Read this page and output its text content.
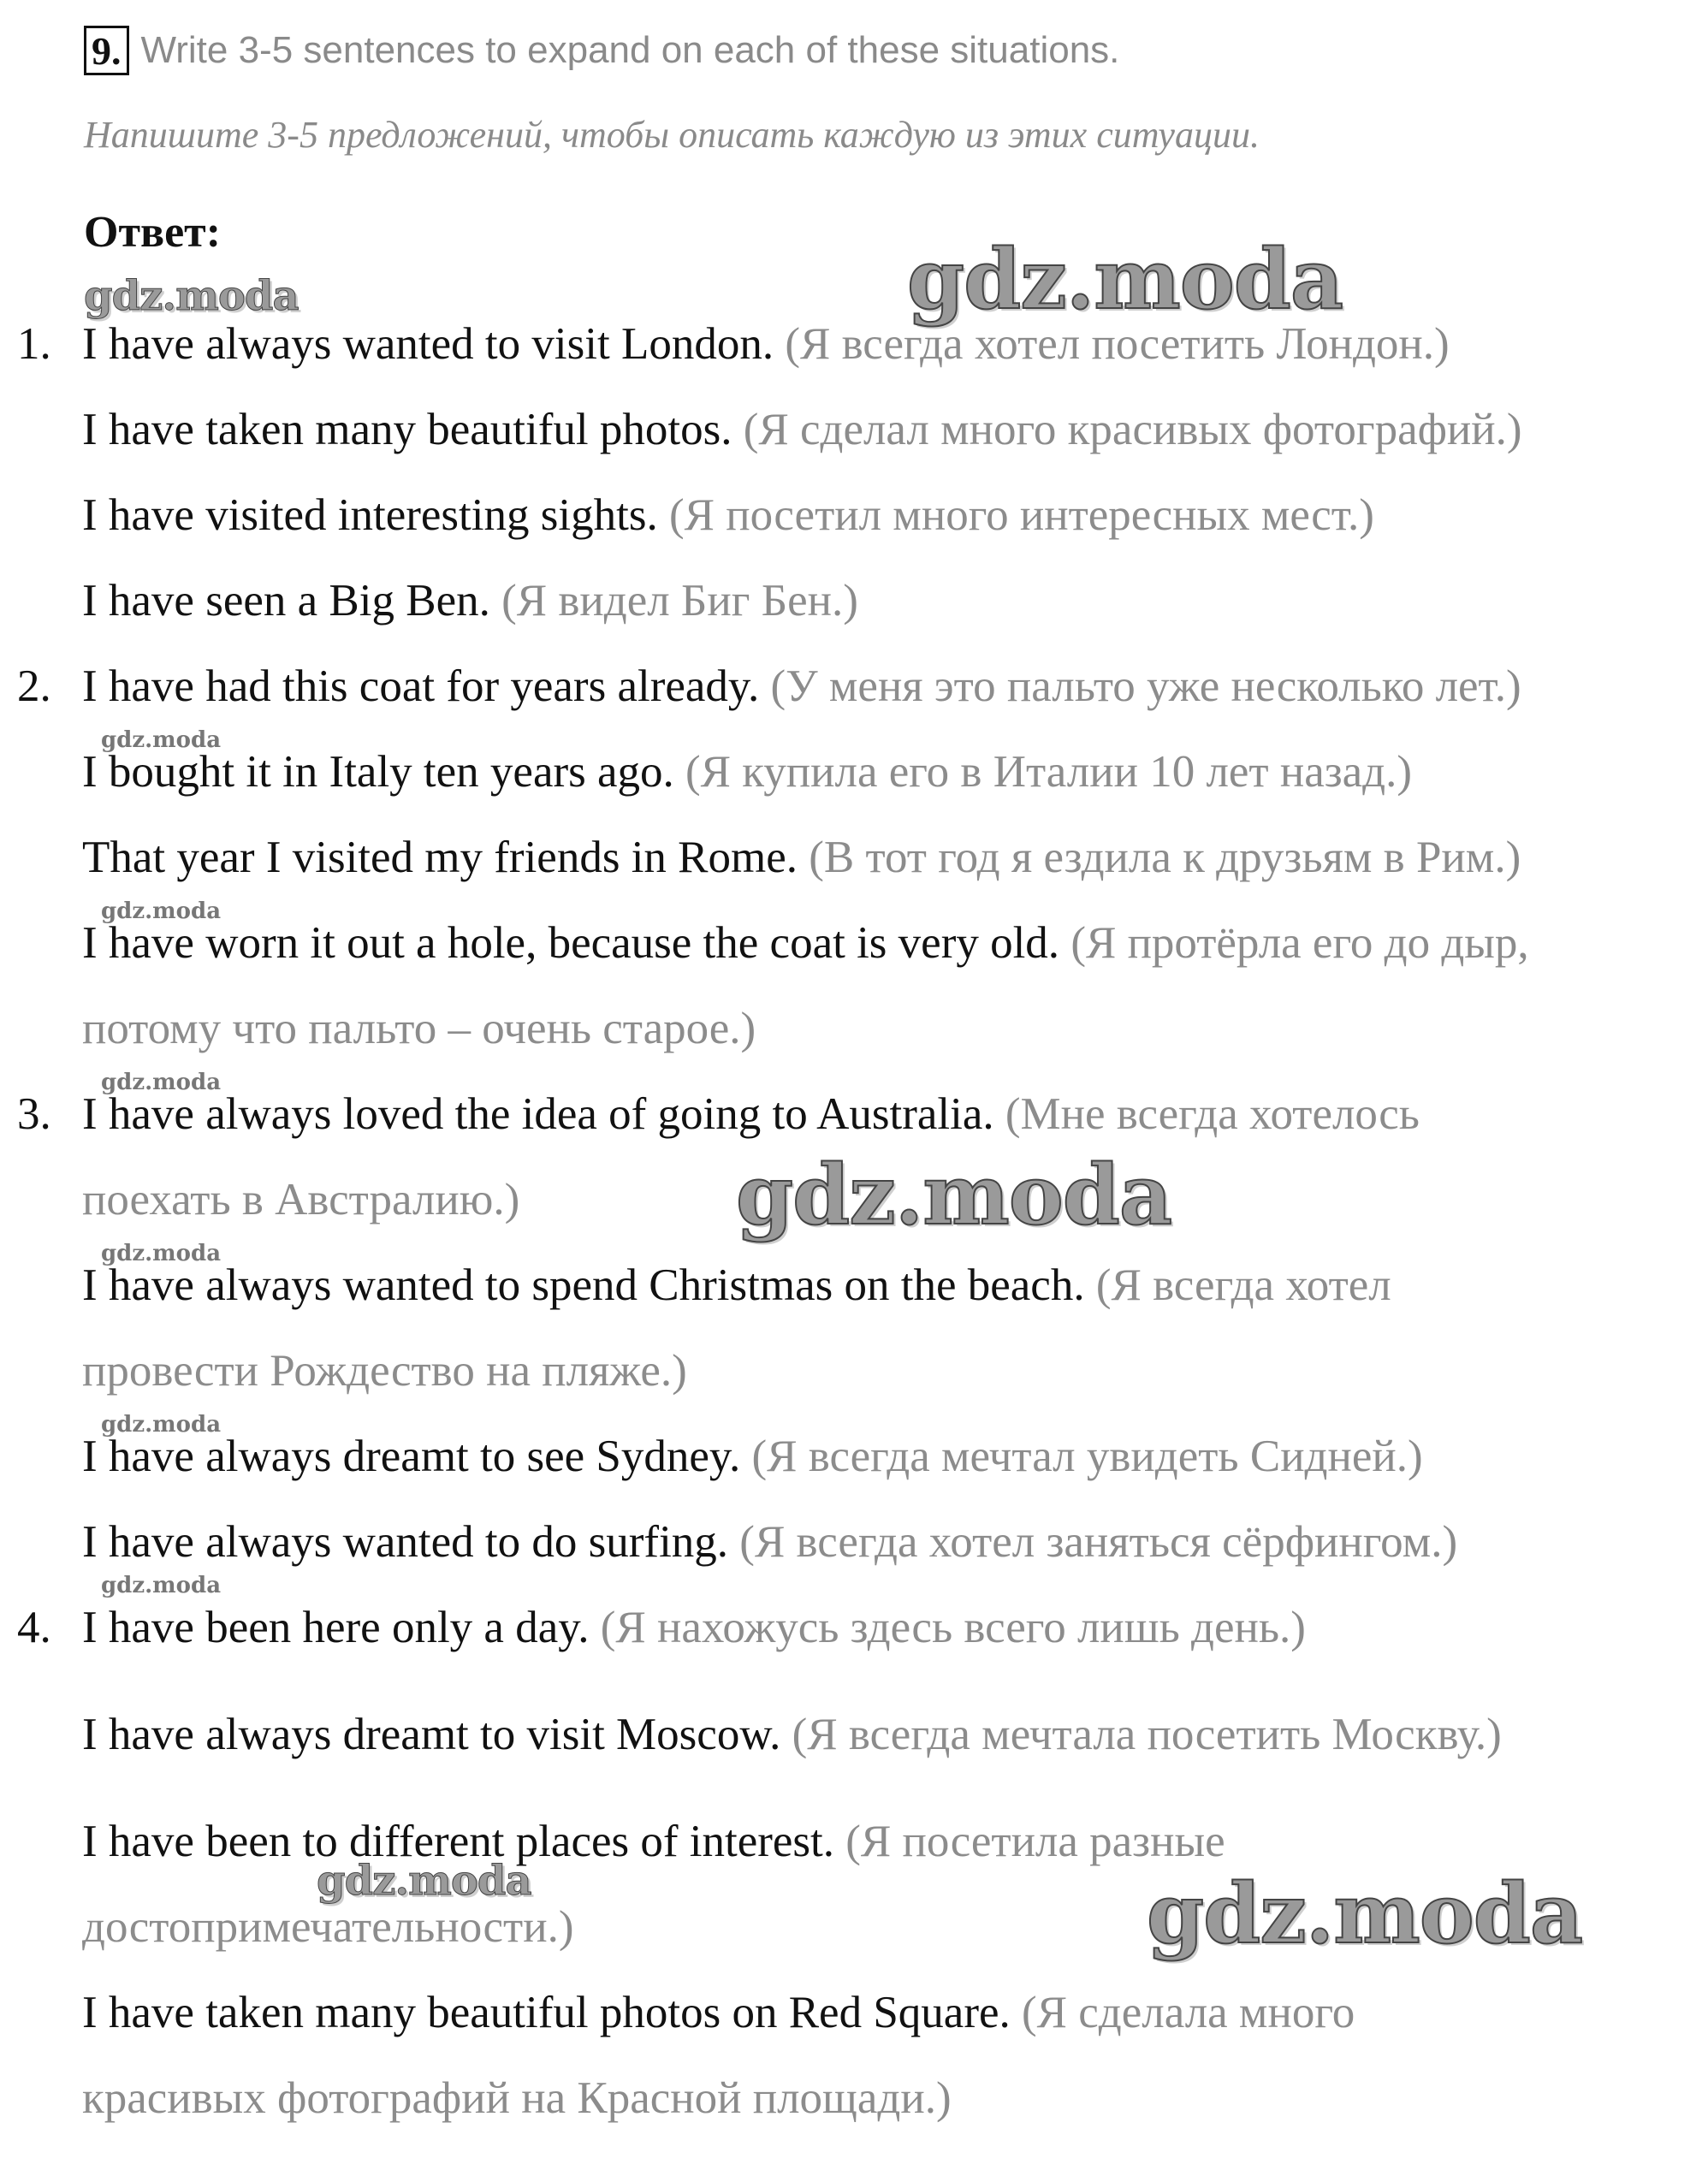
9. Write 3-5 sentences to expand on each of these situations.
Напишите 3-5 предложений, чтобы описать каждую из этих ситуации.
Ответ:
1. I have always wanted to visit London. (Я всегда хотел посетить Лондон.)
I have taken many beautiful photos. (Я сделал много красивых фотографий.)
I have visited interesting sights. (Я посетил много интересных мест.)
I have seen a Big Ben. (Я видел Биг Бен.)
2. I have had this coat for years already. (У меня это пальто уже несколько лет.)
I bought it in Italy ten years ago. (Я купила его в Италии 10 лет назад.)
That year I visited my friends in Rome. (В тот год я ездила к друзьям в Рим.)
I have worn it out a hole, because the coat is very old. (Я протёрла его до дыр,
потому что пальто – очень старое.)
3. I have always loved the idea of going to Australia. (Мне всегда хотелось
поехать в Австралию.)
I have always wanted to spend Christmas on the beach. (Я всегда хотел
провести Рождество на пляже.)
I have always dreamt to see Sydney. (Я всегда мечтал увидеть Сидней.)
I have always wanted to do surfing. (Я всегда хотел заняться сёрфингом.)
4. I have been here only a day. (Я нахожусь здесь всего лишь день.)
I have always dreamt to visit Moscow. (Я всегда мечтала посетить Москву.)
I have been to different places of interest. (Я посетила разные
достопримечательности.)
I have taken many beautiful photos on Red Square. (Я сделала много
красивых фотографий на Красной площади.)
gdz.moda	gdz.moda
gdz.moda
gdz.moda	gdz.moda
gdz.moda
gdz.moda
gdz.moda
gdz.moda
gdz.moda
gdz.moda
